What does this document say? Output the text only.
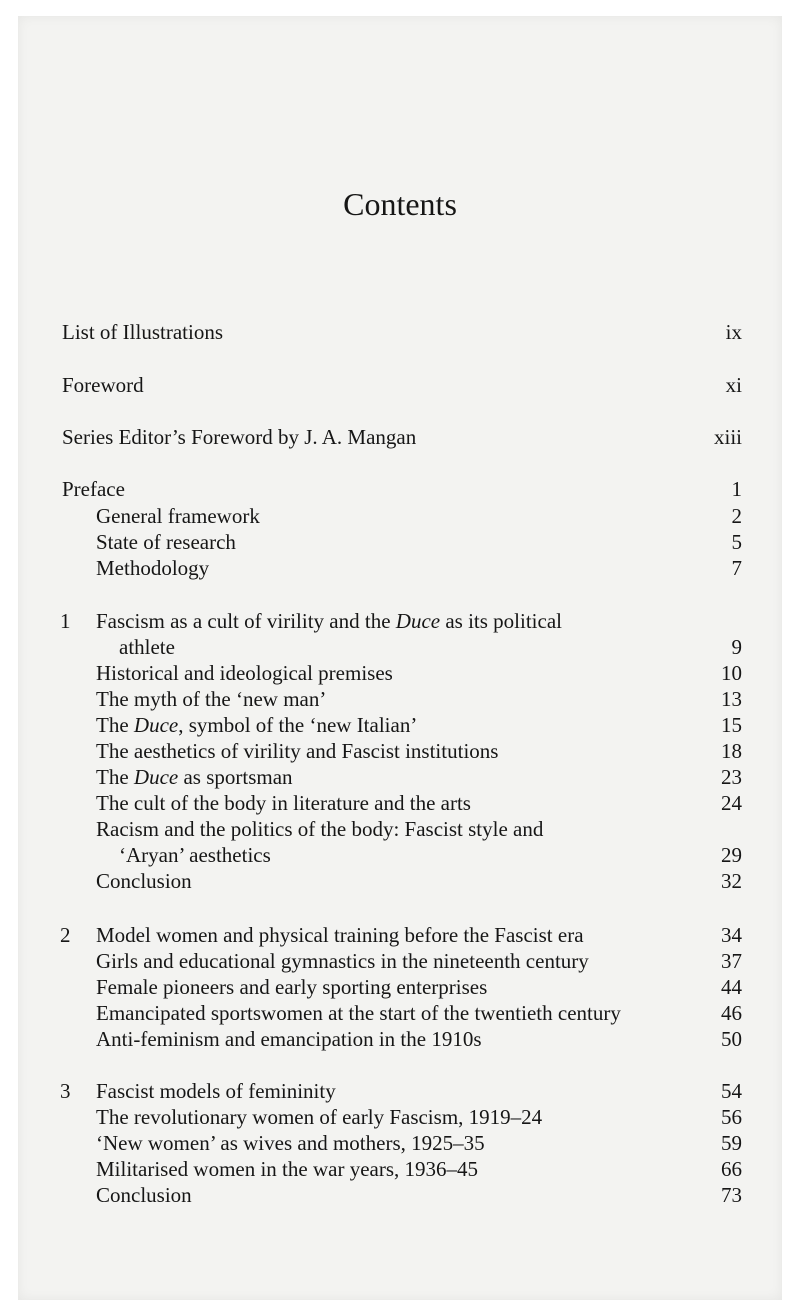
Contents
List of Illustrations	ix
Foreword	xi
Series Editor’s Foreword by J. A. Mangan	xiii
Preface	1
General framework	2
State of research	5
Methodology	7
1 Fascism as a cult of virility and the Duce as its political
athlete	9
Historical and ideological premises	10
The myth of the ‘new man’	13
The Duce, symbol of the ‘new Italian’	15
The aesthetics of virility and Fascist institutions	18
The Duce as sportsman	23
The cult of the body in literature and the arts	24
Racism and the politics of the body: Fascist style and
‘Aryan’ aesthetics	29
Conclusion	32
2 Model women and physical training before the Fascist era	34
Girls and educational gymnastics in the nineteenth century	37
Female pioneers and early sporting enterprises	44
Emancipated sportswomen at the start of the twentieth century	46
Anti-feminism and emancipation in the 1910s	50
3 Fascist models of femininity	54
The revolutionary women of early Fascism, 1919–24	56
‘New women’ as wives and mothers, 1925–35	59
Militarised women in the war years, 1936–45	66
Conclusion	73
